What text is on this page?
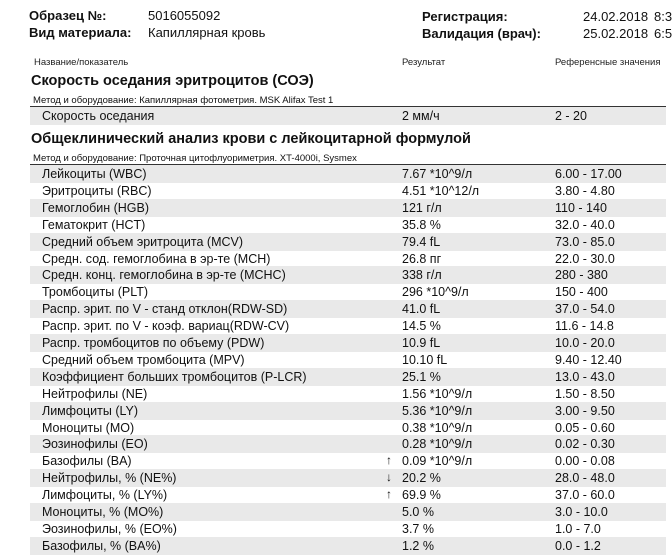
Образец №:	5016055092
Вид материала: Капиллярная кровь
Регистрация:	24.02.2018 8:3
Валидация (врач):	25.02.2018 6:5
Название/показатель	Результат	Референсные значения
Скорость оседания эритроцитов (СОЭ)
Метод и оборудование: Капиллярная фотометрия. MSK Alifax Test 1
Скорость оседания	2 мм/ч	2 - 20
Общеклинический анализ крови с лейкоцитарной формулой
Метод и оборудование: Проточная цитофлуориметрия. XT-4000i, Sysmex
Лейкоциты (WBC)	7.67 *10^9/л	6.00 - 17.00
Эритроциты (RBC)	4.51 *10^12/л	3.80 - 4.80
Гемоглобин (HGB)	121 г/л	110 - 140
Гематокрит (HCT)	35.8 %	32.0 - 40.0
Средний объем эритроцита (MCV)	79.4 fL	73.0 - 85.0
Средн. сод. гемоглобина в эр-те (MCH)	26.8 пг	22.0 - 30.0
Средн. конц. гемоглобина в эр-те (MCHC)	338 г/л	280 - 380
Тромбоциты (PLT)	296 *10^9/л	150 - 400
Распр. эрит. по V - станд отклон(RDW-SD)	41.0 fL	37.0 - 54.0
Распр. эрит. по V - коэф. вариац(RDW-CV)	14.5 %	11.6 - 14.8
Распр. тромбоцитов по объему (PDW)	10.9 fL	10.0 - 20.0
Средний объем тромбоцита (MPV)	10.10 fL	9.40 - 12.40
Коэффициент больших тромбоцитов (P-LCR)	25.1 %	13.0 - 43.0
Нейтрофилы (NE)	1.56 *10^9/л	1.50 - 8.50
Лимфоциты (LY)	5.36 *10^9/л	3.00 - 9.50
Моноциты (MO)	0.38 *10^9/л	0.05 - 0.60
Эозинофилы (EO)	0.28 *10^9/л	0.02 - 0.30
Базофилы (BA)	↑ 0.09 *10^9/л	0.00 - 0.08
Нейтрофилы, % (NE%)	↓ 20.2 %	28.0 - 48.0
Лимфоциты, % (LY%)	↑ 69.9 %	37.0 - 60.0
Моноциты, % (MO%)	5.0 %	3.0 - 10.0
Эозинофилы, % (EO%)	3.7 %	1.0 - 7.0
Базофилы, % (BA%)	1.2 %	0.0 - 1.2
